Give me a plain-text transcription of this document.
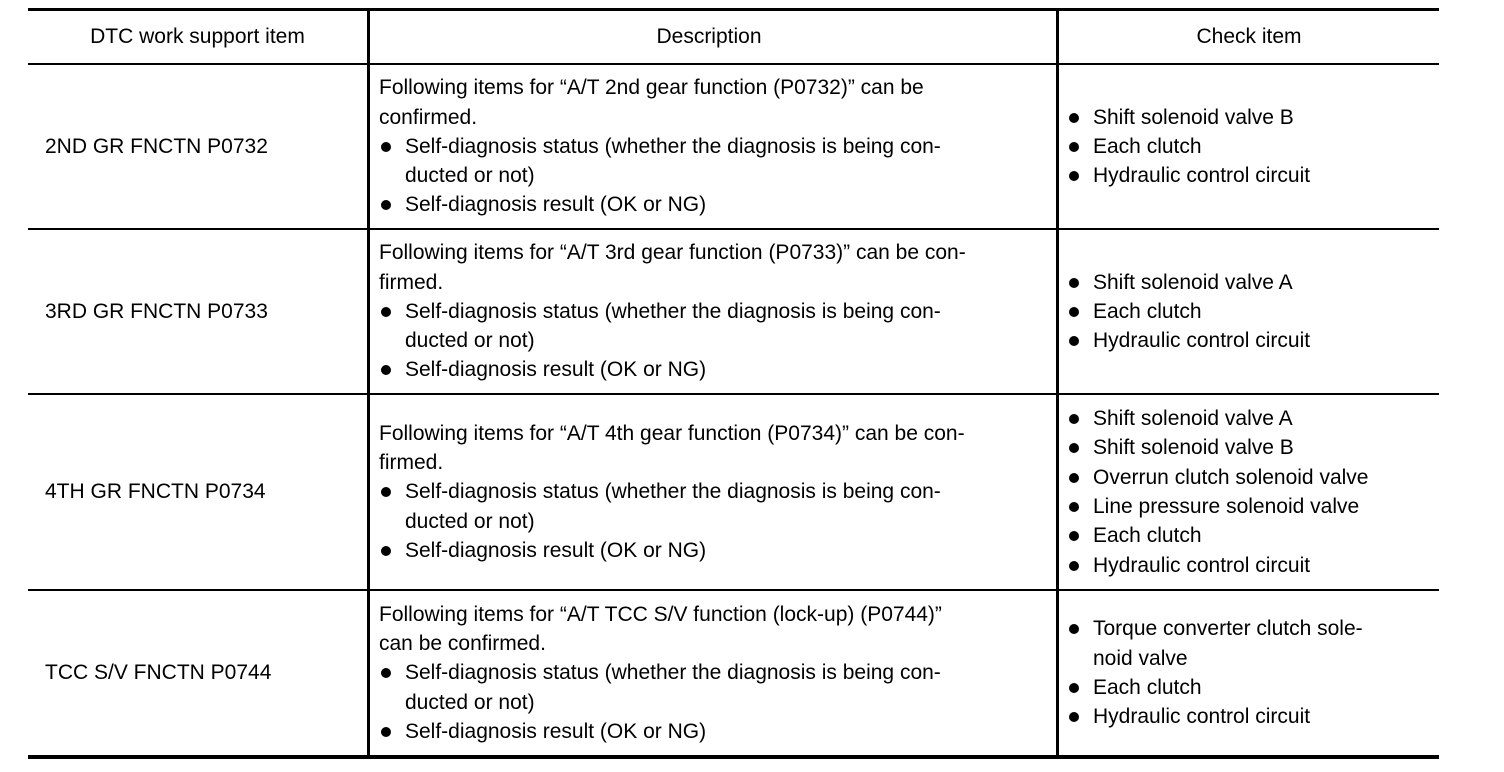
DTC work support item	Description	Check item
2ND GR FNCTN P0732
Following items for “A/T 2nd gear function (P0732)” can be
confirmed.
Self-diagnosis status (whether the diagnosis is being con-
ducted or not)
Self-diagnosis result (OK or NG)
Shift solenoid valve B
Each clutch
Hydraulic control circuit
3RD GR FNCTN P0733
Following items for “A/T 3rd gear function (P0733)” can be con-
firmed.
Self-diagnosis status (whether the diagnosis is being con-
ducted or not)
Self-diagnosis result (OK or NG)
Shift solenoid valve A
Each clutch
Hydraulic control circuit
4TH GR FNCTN P0734
Following items for “A/T 4th gear function (P0734)” can be con-
firmed.
Self-diagnosis status (whether the diagnosis is being con-
ducted or not)
Self-diagnosis result (OK or NG)
Shift solenoid valve A
Shift solenoid valve B
Overrun clutch solenoid valve
Line pressure solenoid valve
Each clutch
Hydraulic control circuit
TCC S/V FNCTN P0744
Following items for “A/T TCC S/V function (lock-up) (P0744)”
can be confirmed.
Self-diagnosis status (whether the diagnosis is being con-
ducted or not)
Self-diagnosis result (OK or NG)
Torque converter clutch sole-
noid valve
Each clutch
Hydraulic control circuit
